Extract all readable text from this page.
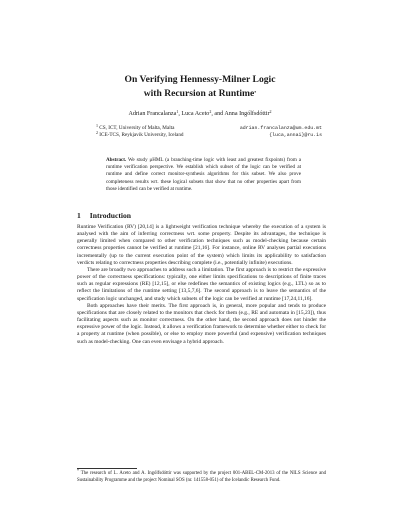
On Verifying Hennessy-Milner Logic
with Recursion at Runtime*
Adrian Francalanza$^1$, Luca Aceto$^2$, and Anna Ingólfsdóttir$^2$
$^1$ CS, ICT, University of Malta, Malta	adrian.francalanza@um.edu.mt
$^2$ ICE-TCS, Reykjavik University, Iceland	{luca,annai}@ru.is
Abstract. We study μHML (a branching-time logic with least and greatest fixpoints) from a runtime verification perspective. We establish which subset of the logic can be verified at runtime and define correct monitor-synthesis algorithms for this subset. We also prove completeness results wrt. these logical subsets that show that no other properties apart from those identified can be verified at runtime.
1 Introduction

Runtime Verification (RV) [20,14] is a lightweight verification technique whereby the execution of a system is analysed with the aim of inferring correctness wrt. some property. Despite its advantages, the technique is generally limited when compared to other verification techniques such as model-checking because certain correctness properties cannot be verified at runtime [21,16]. For instance, online RV analyses partial executions incrementally (up to the current execution point of the system) which limits its applicability to satisfaction verdicts relating to correctness properties describing complete (i.e., potentially infinite) executions.

There are broadly two approaches to address such a limitation. The first approach is to restrict the expressive power of the correctness specifications: typically, one either limits specifications to descriptions of finite traces such as regular expressions (RE) [12,15], or else redefines the semantics of existing logics (e.g., LTL) so as to reflect the limitations of the runtime setting [13,5,7,6]. The second approach is to leave the semantics of the specification logic unchanged, and study which subsets of the logic can be verified at runtime [17,24,11,16].

Both approaches have their merits. The first approach is, in general, more popular and tends to produce specifications that are closely related to the monitors that check for them (e.g., RE and automata in [15,23]), thus facilitating aspects such as monitor correctness. On the other hand, the second approach does not hinder the expressive power of the logic. Instead, it allows a verification framework to determine whether either to check for a property at runtime (when possible), or else to employ more powerful (and expensive) verification techniques such as model-checking. One can even envisage a hybrid approach.

* The research of L. Aceto and A. Ingólfsdóttir was supported by the project 001-ABEL-CM-2013 of the NILS Science and Sustainability Programme and the project Nominal SOS (nr. 141558-051) of the Icelandic Research Fund.
